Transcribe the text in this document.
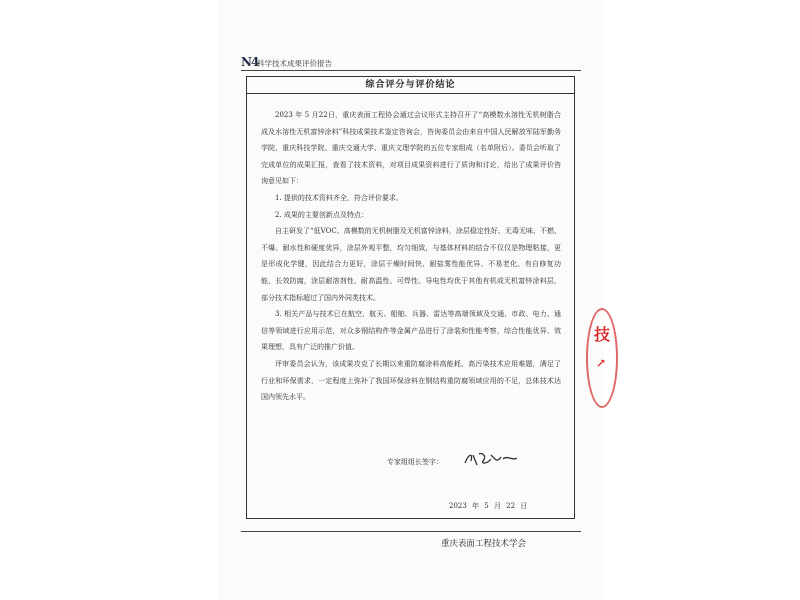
技
↗
N4
科学技术成果评价报告
综合评分与评价结论

2023 年 5 月22日，重庆表面工程协会通过会议形式主持召开了“高模数水溶性无机树脂合成及水溶性无机富锌涂料”科技成果技术鉴定咨询会，咨询委员会由来自中国人民解放军陆军勤务学院、重庆科技学院、重庆交通大学、重庆文理学院的五位专家组成（名单附后）。委员会听取了完成单位的成果汇报，查看了技术资料，对项目成果资料进行了质询和讨论，给出了成果评价咨询意见如下：

1. 提供的技术资料齐全，符合评价要求。

2. 成果的主要创新点及特点：

自主研发了“低VOC、高模数的无机树脂及无机富锌涂料，涂层稳定性好、无毒无味、不燃、不爆、耐水性和硬度优异，涂层外观平整，均匀细致，与基体材料的结合不仅仅是物理粘接，更是形成化学键，因此结合力更好，涂层干燥时间快、耐盐雾性能优异、不易老化、有自修复功能、长效防腐，涂层耐溶剂性、耐高温性、可焊性、导电性均优于其他有机或无机富锌涂料层，部分技术指标超过了国内外同类技术。

3. 相关产品与技术已在航空、航天、船舶、兵器、雷达等高端领域及交通、市政、电力、通信等领域进行应用示范，对众多钢结构件等金属产品进行了涂装和性能考察，综合性能优异、效果理想，具有广泛的推广价值。

评审委员会认为，该成果攻克了长期以来重防腐涂料高能耗、高污染技术应用难题，满足了行业和环保需求，一定程度上弥补了我国环保涂料在钢结构重防腐领域应用的不足，总体技术达国内领先水平。

专家组组长签字：
2023 年 5 月 22 日
重庆表面工程技术学会
